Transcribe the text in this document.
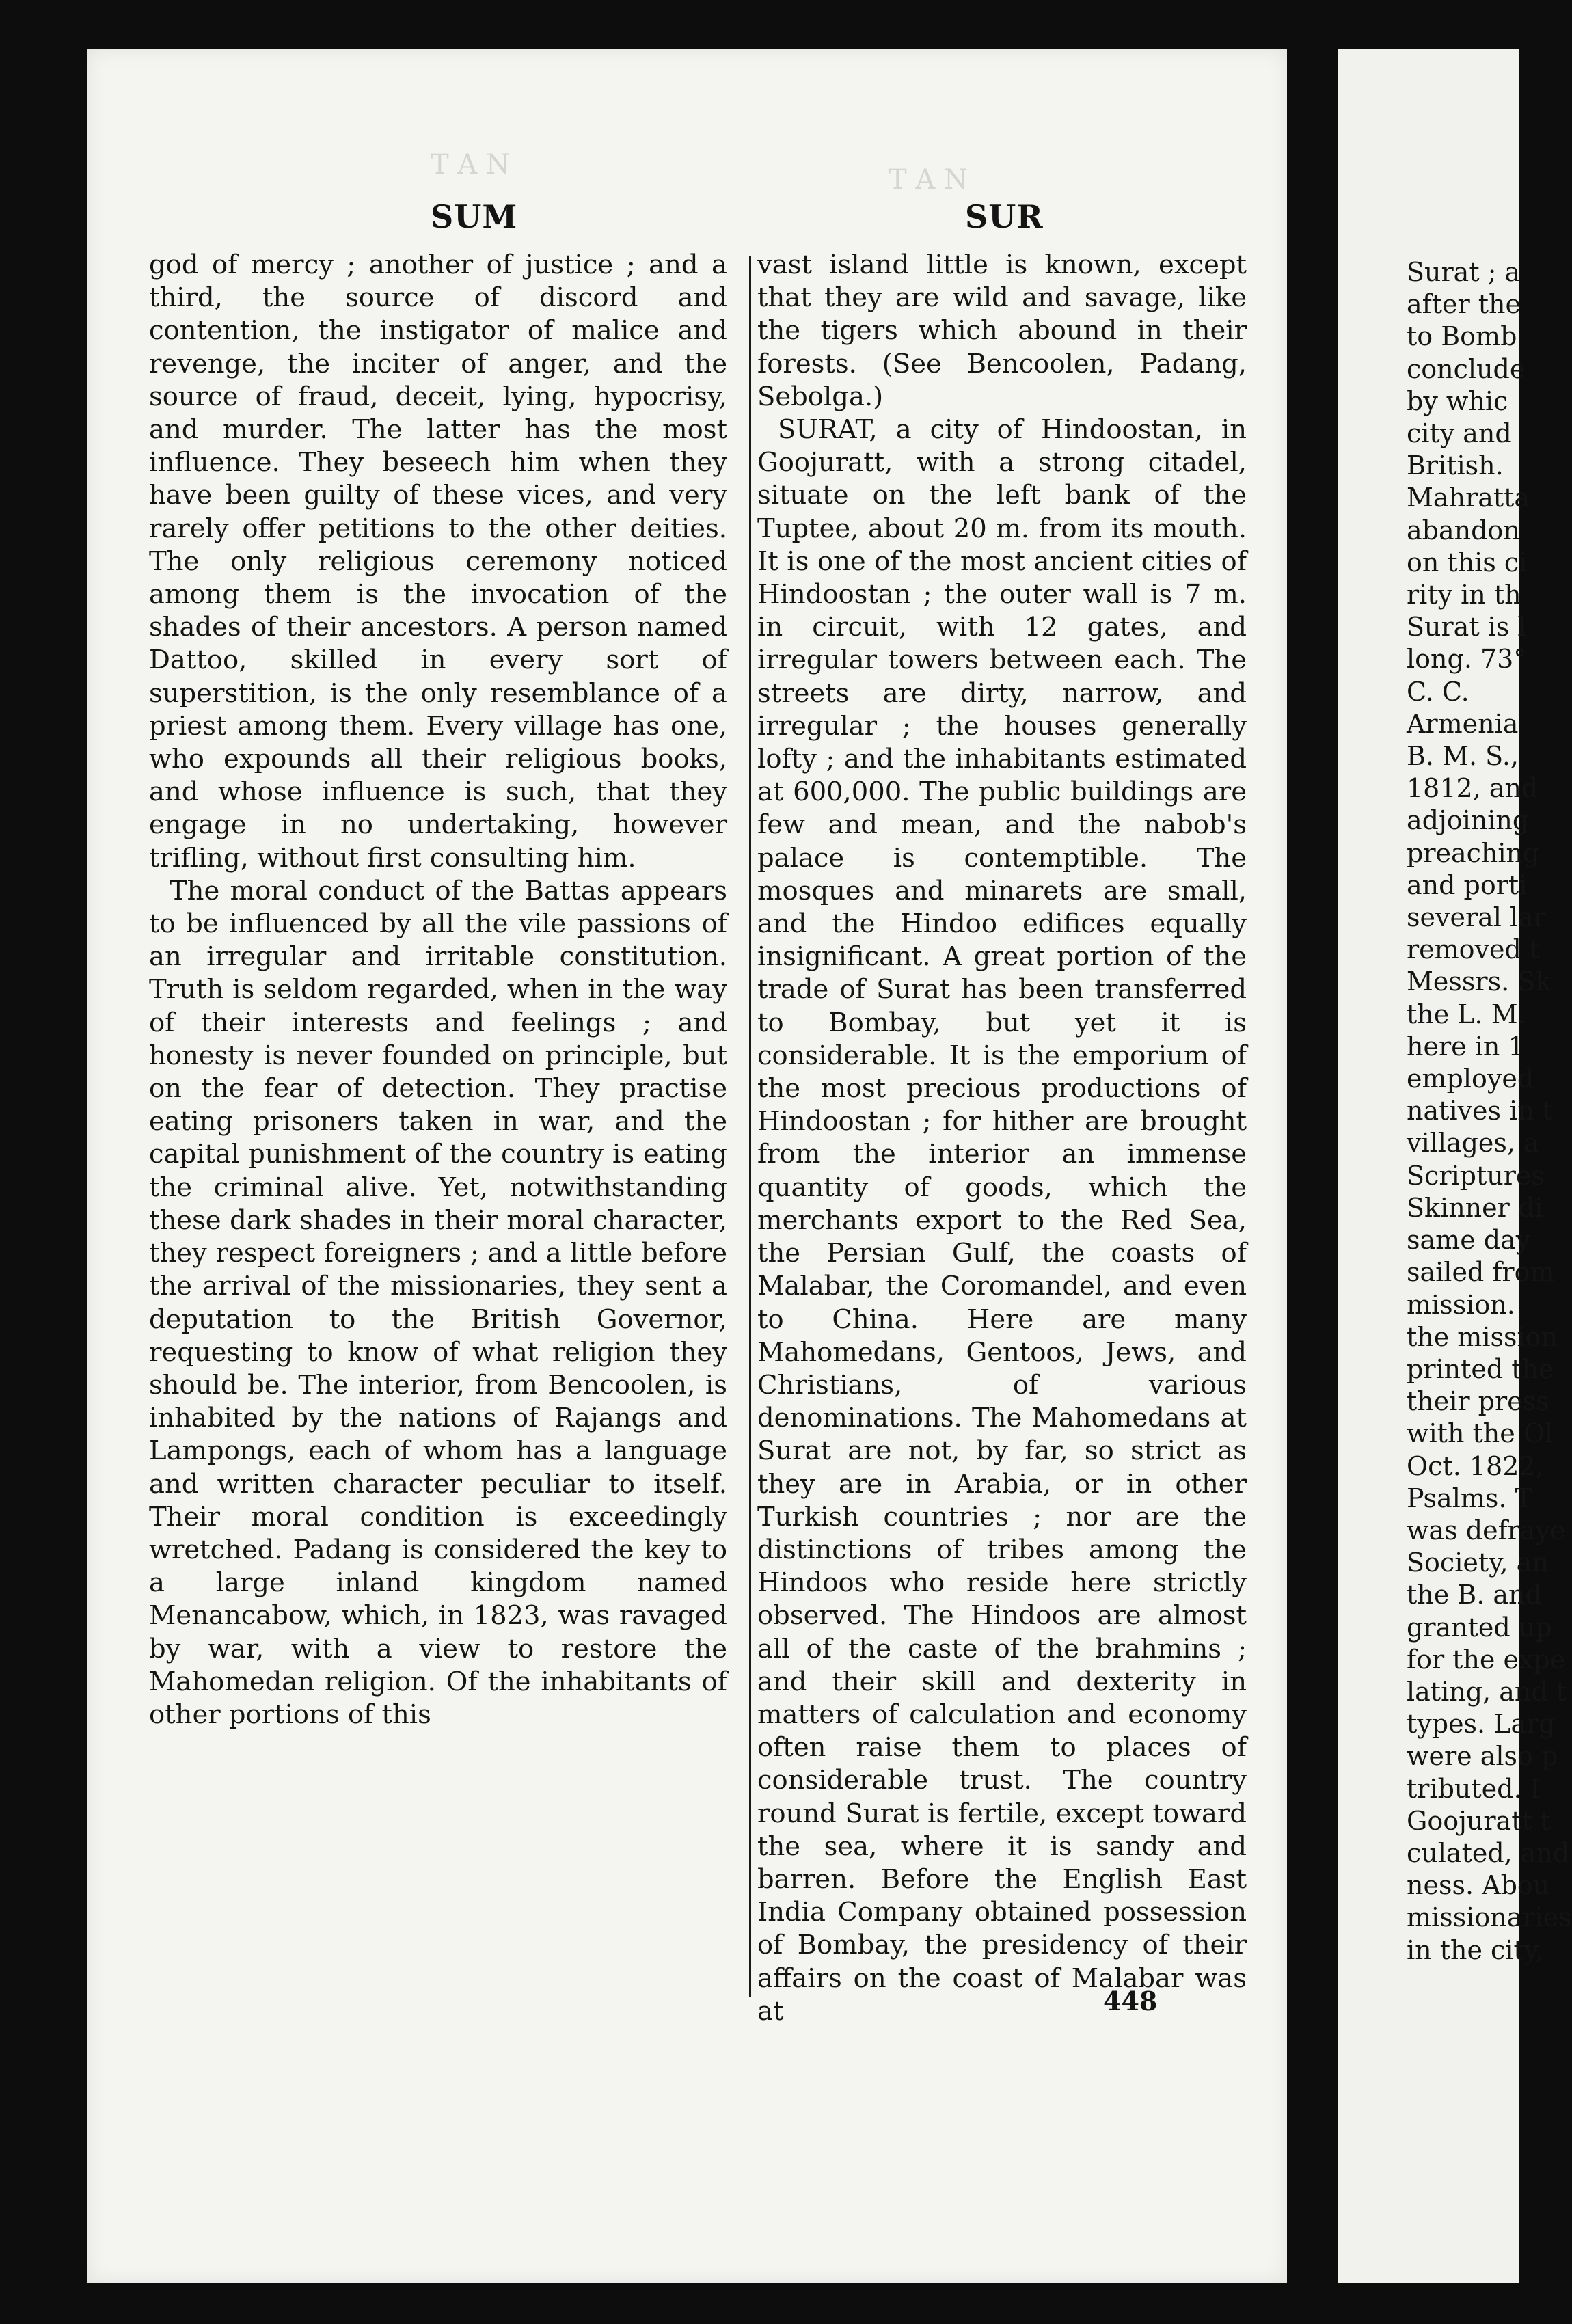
T A N	T A N
SUM	SUR

god of mercy ; another of justice ; and a third, the source of discord and contention, the instigator of malice and revenge, the inciter of anger, and the source of fraud, deceit, lying, hypocrisy, and murder. The latter has the most influence. They beseech him when they have been guilty of these vices, and very rarely offer petitions to the other deities. The only religious ceremony noticed among them is the invocation of the shades of their ancestors. A person named Dattoo, skilled in every sort of superstition, is the only resemblance of a priest among them. Every village has one, who expounds all their religious books, and whose influence is such, that they engage in no undertaking, however trifling, without first consulting him.

The moral conduct of the Battas appears to be influenced by all the vile passions of an irregular and irritable constitution. Truth is seldom regarded, when in the way of their interests and feelings ; and honesty is never founded on principle, but on the fear of detection. They practise eating prisoners taken in war, and the capital punishment of the country is eating the criminal alive. Yet, notwithstanding these dark shades in their moral character, they respect foreigners ; and a little before the arrival of the missionaries, they sent a deputation to the British Governor, requesting to know of what religion they should be. The interior, from Bencoolen, is inhabited by the nations of Rajangs and Lampongs, each of whom has a language and written character peculiar to itself. Their moral condition is exceedingly wretched. Padang is considered the key to a large inland kingdom named Menancabow, which, in 1823, was ravaged by war, with a view to restore the Mahomedan religion. Of the inhabitants of other portions of this

vast island little is known, except that they are wild and savage, like the tigers which abound in their forests. (See Bencoolen, Padang, Sebolga.)

SURAT, a city of Hindoostan, in Goojuratt, with a strong citadel, situate on the left bank of the Tuptee, about 20 m. from its mouth. It is one of the most ancient cities of Hindoostan ; the outer wall is 7 m. in circuit, with 12 gates, and irregular towers between each. The streets are dirty, narrow, and irregular ; the houses generally lofty ; and the inhabitants estimated at 600,000. The public buildings are few and mean, and the nabob's palace is contemptible. The mosques and minarets are small, and the Hindoo edifices equally insignificant. A great portion of the trade of Surat has been transferred to Bombay, but yet it is considerable. It is the emporium of the most precious productions of Hindoostan ; for hither are brought from the interior an immense quantity of goods, which the merchants export to the Red Sea, the Persian Gulf, the coasts of Malabar, the Coromandel, and even to China. Here are many Mahomedans, Gentoos, Jews, and Christians, of various denominations. The Mahomedans at Surat are not, by far, so strict as they are in Arabia, or in other Turkish countries ; nor are the distinctions of tribes among the Hindoos who reside here strictly observed. The Hindoos are almost all of the caste of the brahmins ; and their skill and dexterity in matters of calculation and economy often raise them to places of considerable trust. The country round Surat is fertile, except toward the sea, where it is sandy and barren. Before the English East India Company obtained possession of Bombay, the presidency of their affairs on the coast of Malabar was at	448
Surat ; a
after the
to Bomb
conclude
by whic
city and
British.
Mahratta
abandon
on this ci
rity in th
Surat is l
long. 73°
C. C.
Armenia
B. M. S.,
1812, and
adjoining
preaching
and porti
several lar
removed t
Messrs. Sk
the L. M.
here in 1
employed
natives in t
villages, a
Scriptures
Skinner di
same day
sailed from
mission.
the mission
printed the
their press
with the Ol
Oct. 1822,
Psalms. T
was defraye
Society, an
the B. and
granted up
for the expe
lating, and t
types. Larg
were also p
tributed. I
Goojuratt t
culated, and
ness. Abou
missionaries
in the city,
